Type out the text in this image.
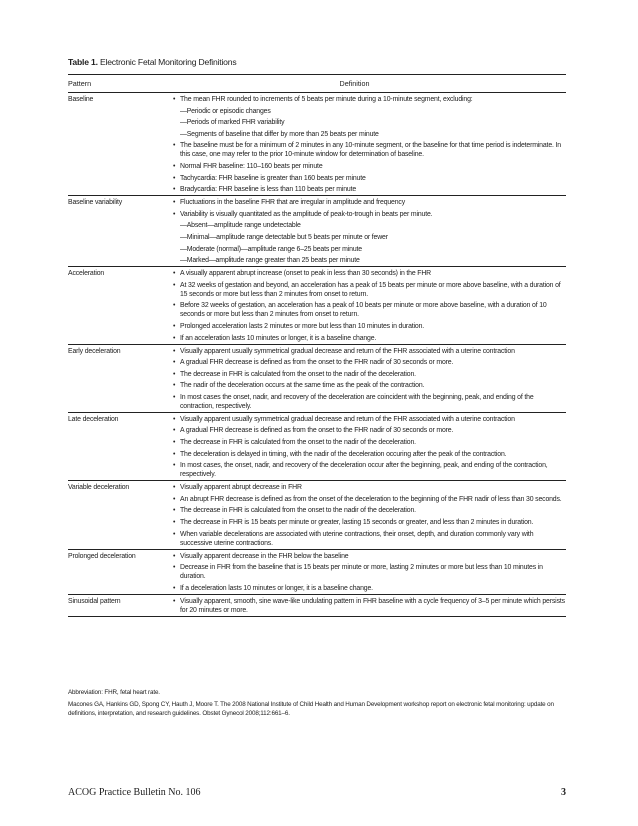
Table 1. Electronic Fetal Monitoring Definitions
Pattern	Definition
Baseline	• The mean FHR rounded to increments of 5 beats per minute during a 10-minute segment, excluding:
—Periodic or episodic changes
—Periods of marked FHR variability
—Segments of baseline that differ by more than 25 beats per minute
• The baseline must be for a minimum of 2 minutes in any 10-minute segment, or the baseline for that time period is indeterminate. In this case, one may refer to the prior 10-minute window for determination of baseline.
• Normal FHR baseline: 110–160 beats per minute
• Tachycardia: FHR baseline is greater than 160 beats per minute
• Bradycardia: FHR baseline is less than 110 beats per minute
Baseline variability	• Fluctuations in the baseline FHR that are irregular in amplitude and frequency
• Variability is visually quantitated as the amplitude of peak-to-trough in beats per minute.
—Absent—amplitude range undetectable
—Minimal—amplitude range detectable but 5 beats per minute or fewer
—Moderate (normal)—amplitude range 6–25 beats per minute
—Marked—amplitude range greater than 25 beats per minute
Acceleration	• A visually apparent abrupt increase (onset to peak in less than 30 seconds) in the FHR
• At 32 weeks of gestation and beyond, an acceleration has a peak of 15 beats per minute or more above baseline, with a duration of 15 seconds or more but less than 2 minutes from onset to return.
• Before 32 weeks of gestation, an acceleration has a peak of 10 beats per minute or more above baseline, with a duration of 10 seconds or more but less than 2 minutes from onset to return.
• Prolonged acceleration lasts 2 minutes or more but less than 10 minutes in duration.
• If an acceleration lasts 10 minutes or longer, it is a baseline change.
Early deceleration	• Visually apparent usually symmetrical gradual decrease and return of the FHR associated with a uterine contraction
• A gradual FHR decrease is defined as from the onset to the FHR nadir of 30 seconds or more.
• The decrease in FHR is calculated from the onset to the nadir of the deceleration.
• The nadir of the deceleration occurs at the same time as the peak of the contraction.
• In most cases the onset, nadir, and recovery of the deceleration are coincident with the beginning, peak, and ending of the contraction, respectively.
Late deceleration	• Visually apparent usually symmetrical gradual decrease and return of the FHR associated with a uterine contraction
• A gradual FHR decrease is defined as from the onset to the FHR nadir of 30 seconds or more.
• The decrease in FHR is calculated from the onset to the nadir of the deceleration.
• The deceleration is delayed in timing, with the nadir of the deceleration occuring after the peak of the contraction.
• In most cases, the onset, nadir, and recovery of the deceleration occur after the beginning, peak, and ending of the contraction, respectively.
Variable deceleration	• Visually apparent abrupt decrease in FHR
• An abrupt FHR decrease is defined as from the onset of the deceleration to the beginning of the FHR nadir of less than 30 seconds.
• The decrease in FHR is calculated from the onset to the nadir of the deceleration.
• The decrease in FHR is 15 beats per minute or greater, lasting 15 seconds or greater, and less than 2 minutes in duration.
• When variable decelerations are associated with uterine contractions, their onset, depth, and duration commonly vary with successive uterine contractions.
Prolonged deceleration	• Visually apparent decrease in the FHR below the baseline
• Decrease in FHR from the baseline that is 15 beats per minute or more, lasting 2 minutes or more but less than 10 minutes in duration.
• If a deceleration lasts 10 minutes or longer, it is a baseline change.
Sinusoidal pattern	• Visually apparent, smooth, sine wave-like undulating pattern in FHR baseline with a cycle frequency of 3–5 per minute which persists for 20 minutes or more.

Abbreviation: FHR, fetal heart rate.

Macones GA, Hankins GD, Spong CY, Hauth J, Moore T. The 2008 National Institute of Child Health and Human Development workshop report on electronic fetal monitoring: update on definitions, interpretation, and research guidelines. Obstet Gynecol 2008;112:661–6.

ACOG Practice Bulletin No. 106	3
